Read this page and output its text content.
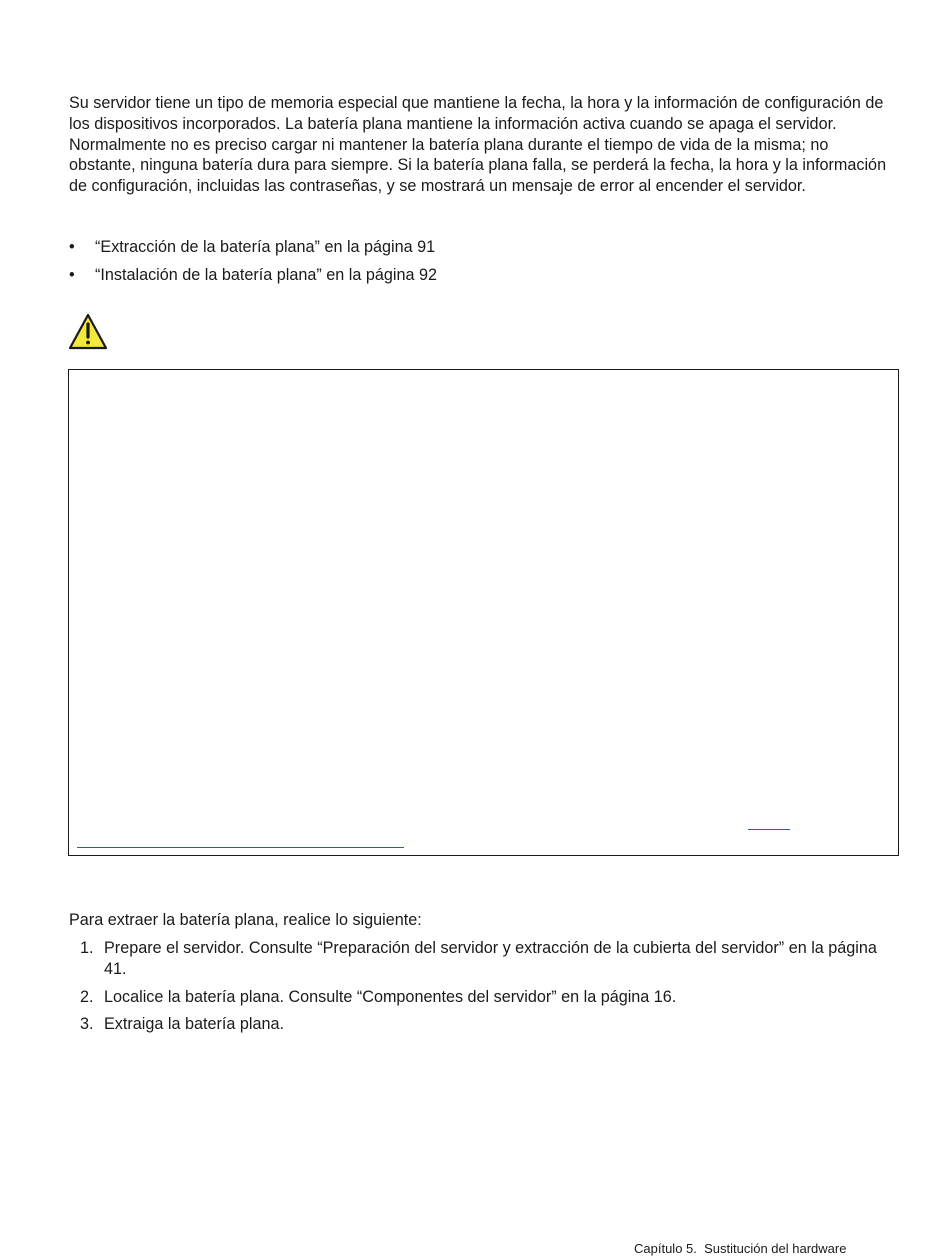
Su servidor tiene un tipo de memoria especial que mantiene la fecha, la hora y la información de configuración de los dispositivos incorporados. La batería plana mantiene la información activa cuando se apaga el servidor. Normalmente no es preciso cargar ni mantener la batería plana durante el tiempo de vida de la misma; no obstante, ninguna batería dura para siempre. Si la batería plana falla, se perderá la fecha, la hora y la información de configuración, incluidas las contraseñas, y se mostrará un mensaje de error al encender el servidor.

• “Extracción de la batería plana” en la página 91
• “Instalación de la batería plana” en la página 92

Para extraer la batería plana, realice lo siguiente:

1. Prepare el servidor. Consulte “Preparación del servidor y extracción de la cubierta del servidor” en la página 41.
2. Localice la batería plana. Consulte “Componentes del servidor” en la página 16.
3. Extraiga la batería plana.
Capítulo 5.  Sustitución del hardware
